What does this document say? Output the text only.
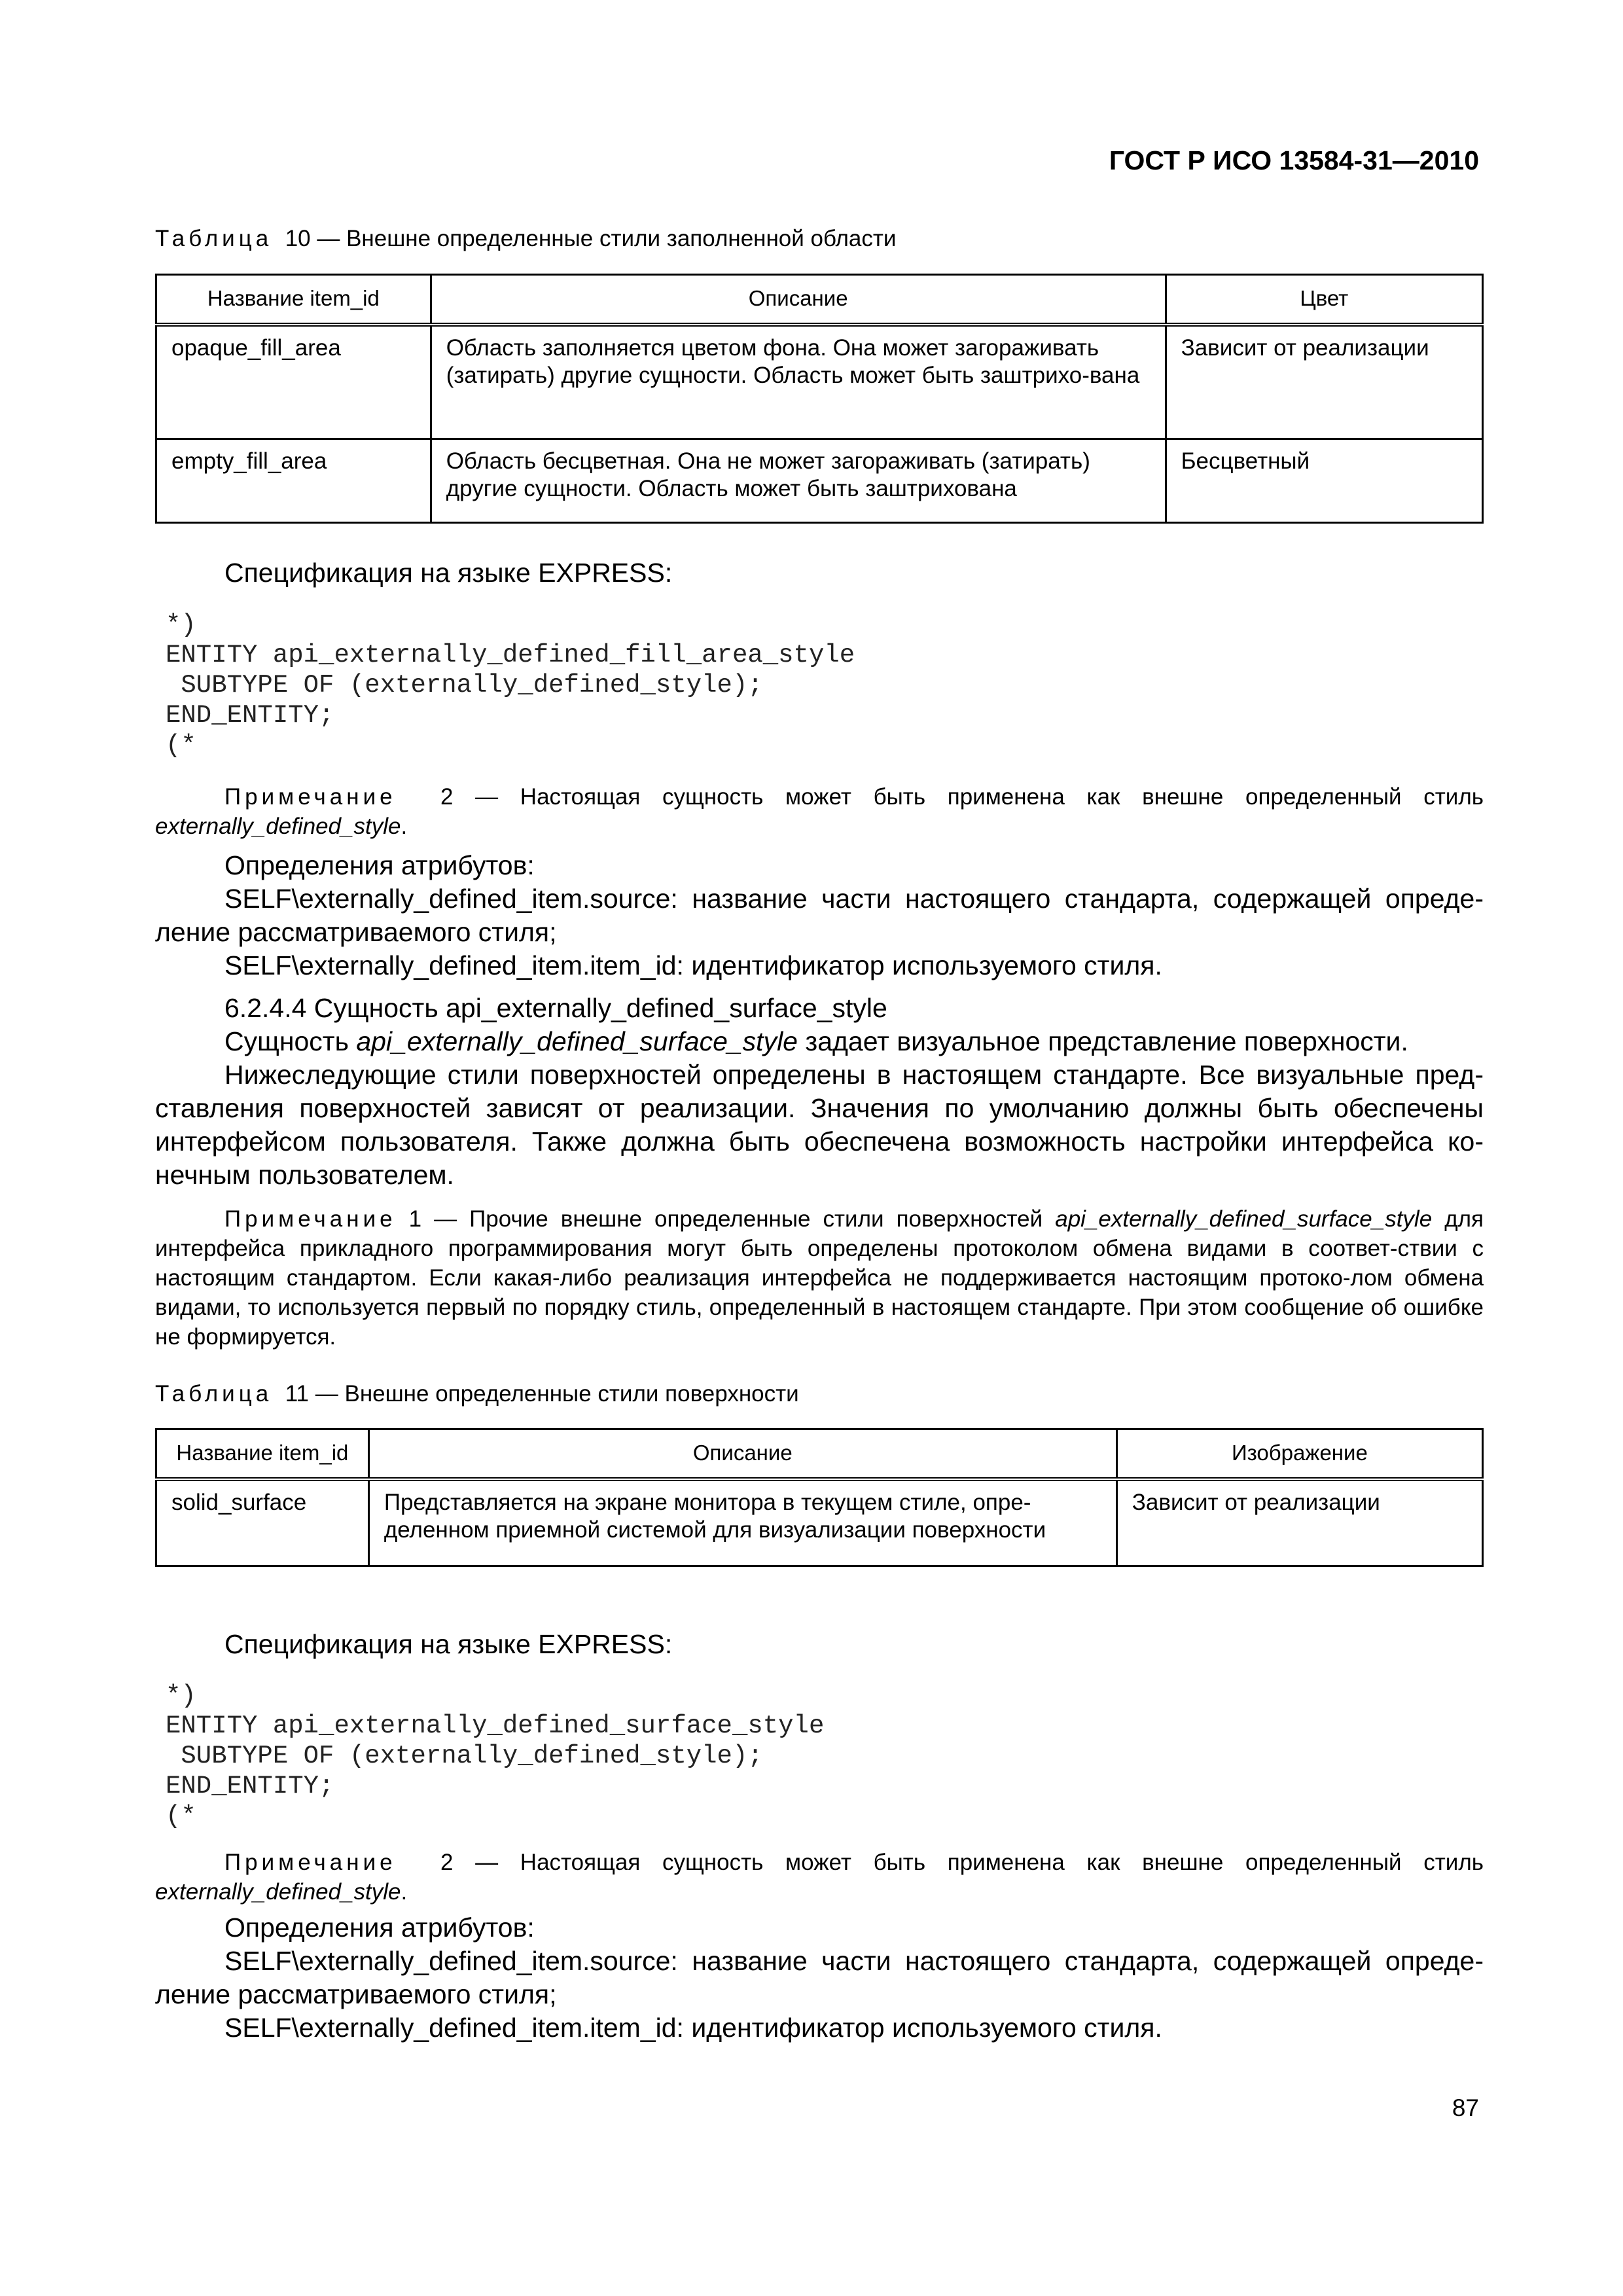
ГОСТ Р ИСО 13584-31—2010
Таблица 10 — Внешне определенные стили заполненной области
Название item_id	Описание	Цвет
opaque_fill_area	Область заполняется цветом фона. Она может загораживать (затирать) другие сущности. Область может быть заштрихо-вана	Зависит от реализации
empty_fill_area	Область бесцветная. Она не может загораживать (затирать) другие сущности. Область может быть заштрихована	Бесцветный
Спецификация на языке EXPRESS:
*)
ENTITY api_externally_defined_fill_area_style
SUBTYPE OF (externally_defined_style);
END_ENTITY;
(*
Примечание 2 — Настоящая сущность может быть применена как внешне определенный стиль externally_defined_style.
Определения атрибутов:
SELF\externally_defined_item.source: название части настоящего стандарта, содержащей опреде-ление рассматриваемого стиля;
SELF\externally_defined_item.item_id: идентификатор используемого стиля.
6.2.4.4 Сущность api_externally_defined_surface_style
Сущность api_externally_defined_surface_style задает визуальное представление поверхности.
Нижеследующие стили поверхностей определены в настоящем стандарте. Все визуальные пред-ставления поверхностей зависят от реализации. Значения по умолчанию должны быть обеспечены интерфейсом пользователя. Также должна быть обеспечена возможность настройки интерфейса ко-нечным пользователем.
Примечание 1 — Прочие внешне определенные стили поверхностей api_externally_defined_surface_style для интерфейса прикладного программирования могут быть определены протоколом обмена видами в соответ-ствии с настоящим стандартом. Если какая-либо реализация интерфейса не поддерживается настоящим протоко-лом обмена видами, то используется первый по порядку стиль, определенный в настоящем стандарте. При этом сообщение об ошибке не формируется.
Таблица 11 — Внешне определенные стили поверхности
Название item_id	Описание	Изображение
solid_surface	Представляется на экране монитора в текущем стиле, опре-деленном приемной системой для визуализации поверхности	Зависит от реализации
Спецификация на языке EXPRESS:
*)
ENTITY api_externally_defined_surface_style
SUBTYPE OF (externally_defined_style);
END_ENTITY;
(*
Примечание 2 — Настоящая сущность может быть применена как внешне определенный стиль externally_defined_style.
Определения атрибутов:
SELF\externally_defined_item.source: название части настоящего стандарта, содержащей опреде-ление рассматриваемого стиля;
SELF\externally_defined_item.item_id: идентификатор используемого стиля.
87
